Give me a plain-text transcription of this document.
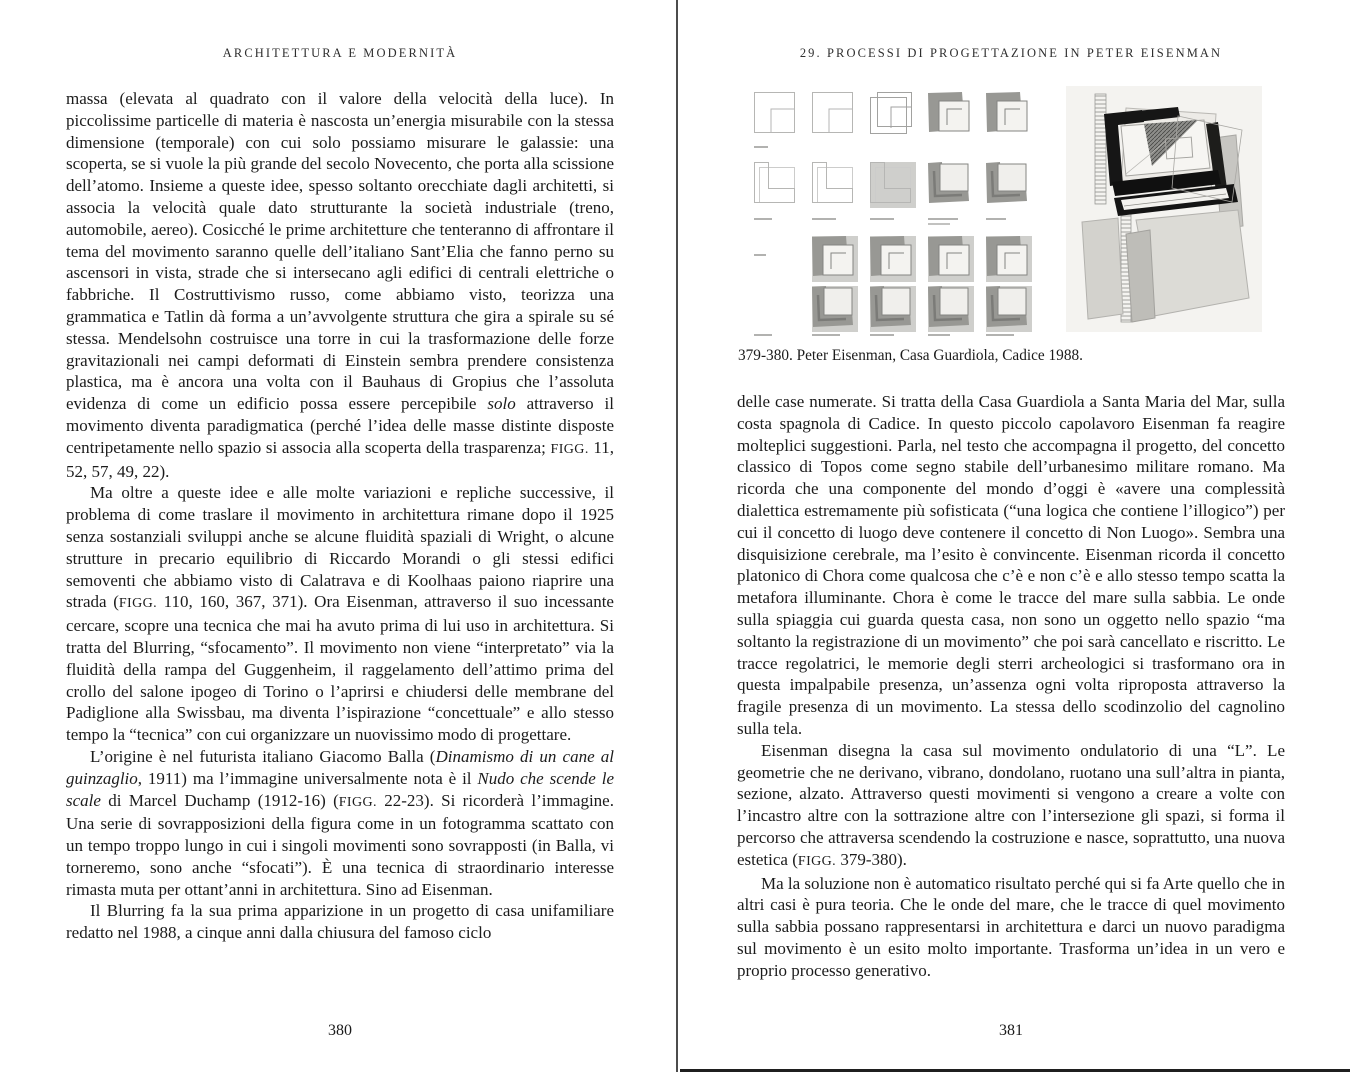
ARCHITETTURA E MODERNITÀ

massa (elevata al quadrato con il valore della velocità della luce). In piccolissime particelle di materia è nascosta un’energia misurabile con la stessa dimensione (temporale) con cui solo possiamo misurare le galassie: una scoperta, se si vuole la più grande del secolo Novecento, che porta alla scissione dell’atomo. Insieme a queste idee, spesso soltanto orecchiate dagli architetti, si associa la velocità quale dato strutturante la società industriale (treno, automobile, aereo). Cosicché le prime architetture che tenteranno di affrontare il tema del movimento saranno quelle dell’italiano Sant’Elia che fanno perno su ascensori in vista, strade che si intersecano agli edifici di centrali elettriche o fabbriche. Il Costruttivismo russo, come abbiamo visto, teorizza una grammatica e Tatlin dà forma a un’avvolgente struttura che gira a spirale su sé stessa. Mendelsohn costruisce una torre in cui la trasformazione delle forze gravitazionali nei campi deformati di Einstein sembra prendere consistenza plastica, ma è ancora una volta con il Bauhaus di Gropius che l’assoluta evidenza di come un edificio possa essere percepibile solo attraverso il movimento diventa paradigmatica (perché l’idea delle masse distinte disposte centripetamente nello spazio si associa alla scoperta della trasparenza; FIGG. 11, 52, 57, 49, 22).

Ma oltre a queste idee e alle molte variazioni e repliche successive, il problema di come traslare il movimento in architettura rimane dopo il 1925 senza sostanziali sviluppi anche se alcune fluidità spaziali di Wright, o alcune strutture in precario equilibrio di Riccardo Morandi o gli stessi edifici semoventi che abbiamo visto di Calatrava e di Koolhaas paiono riaprire una strada (FIGG. 110, 160, 367, 371). Ora Eisenman, attraverso il suo incessante cercare, scopre una tecnica che mai ha avuto prima di lui uso in architettura. Si tratta del Blurring, “sfocamento”. Il movimento non viene “interpretato” via la fluidità della rampa del Guggenheim, il raggelamento dell’attimo prima del crollo del salone ipogeo di Torino o l’aprirsi e chiudersi delle membrane del Padiglione alla Swissbau, ma diventa l’ispirazione “concettuale” e allo stesso tempo la “tecnica” con cui organizzare un nuovissimo modo di progettare.

L’origine è nel futurista italiano Giacomo Balla (Dinamismo di un cane al guinzaglio, 1911) ma l’immagine universalmente nota è il Nudo che scende le scale di Marcel Duchamp (1912-16) (FIGG. 22-23). Si ricorderà l’immagine. Una serie di sovrapposizioni della figura come in un fotogramma scattato con un tempo troppo lungo in cui i singoli movimenti sono sovrapposti (in Balla, vi torneremo, sono anche “sfocati”). È una tecnica di straordinario interesse rimasta muta per ottant’anni in architettura. Sino ad Eisenman.

Il Blurring fa la sua prima apparizione in un progetto di casa unifamiliare redatto nel 1988, a cinque anni dalla chiusura del famoso ciclo

380
29. PROCESSI DI PROGETTAZIONE IN PETER EISENMAN
379-380. Peter Eisenman, Casa Guardiola, Cadice 1988.

delle case numerate. Si tratta della Casa Guardiola a Santa Maria del Mar, sulla costa spagnola di Cadice. In questo piccolo capolavoro Eisenman fa reagire molteplici suggestioni. Parla, nel testo che accompagna il progetto, del concetto classico di Topos come segno stabile dell’urbanesimo militare romano. Ma ricorda che una componente del mondo d’oggi è «avere una complessità dialettica estremamente più sofisticata (“una logica che contiene l’illogico”) per cui il concetto di luogo deve contenere il concetto di Non Luogo». Sembra una disquisizione cerebrale, ma l’esito è convincente. Eisenman ricorda il concetto platonico di Chora come qualcosa che c’è e non c’è e allo stesso tempo scatta la metafora illuminante. Chora è come le tracce del mare sulla sabbia. Le onde sulla spiaggia cui guarda questa casa, non sono un oggetto nello spazio “ma soltanto la registrazione di un movimento” che poi sarà cancellato e riscritto. Le tracce regolatrici, le memorie degli sterri archeologici si trasformano ora in questa impalpabile presenza, un’assenza ogni volta riproposta attraverso la fragile presenza di un movimento. La stessa dello scodinzolio del cagnolino sulla tela.

Eisenman disegna la casa sul movimento ondulatorio di una “L”. Le geometrie che ne derivano, vibrano, dondolano, ruotano una sull’altra in pianta, sezione, alzato. Attraverso questi movimenti si vengono a creare a volte con l’incastro altre con la sottrazione altre con l’intersezione gli spazi, si forma il percorso che attraversa scendendo la costruzione e nasce, soprattutto, una nuova estetica (FIGG. 379-380).

Ma la soluzione non è automatico risultato perché qui si fa Arte quello che in altri casi è pura teoria. Che le onde del mare, che le tracce di quel movimento sulla sabbia possano rappresentarsi in architettura e darci un nuovo paradigma sul movimento è un esito molto importante. Trasforma un’idea in un vero e proprio processo generativo.

381
